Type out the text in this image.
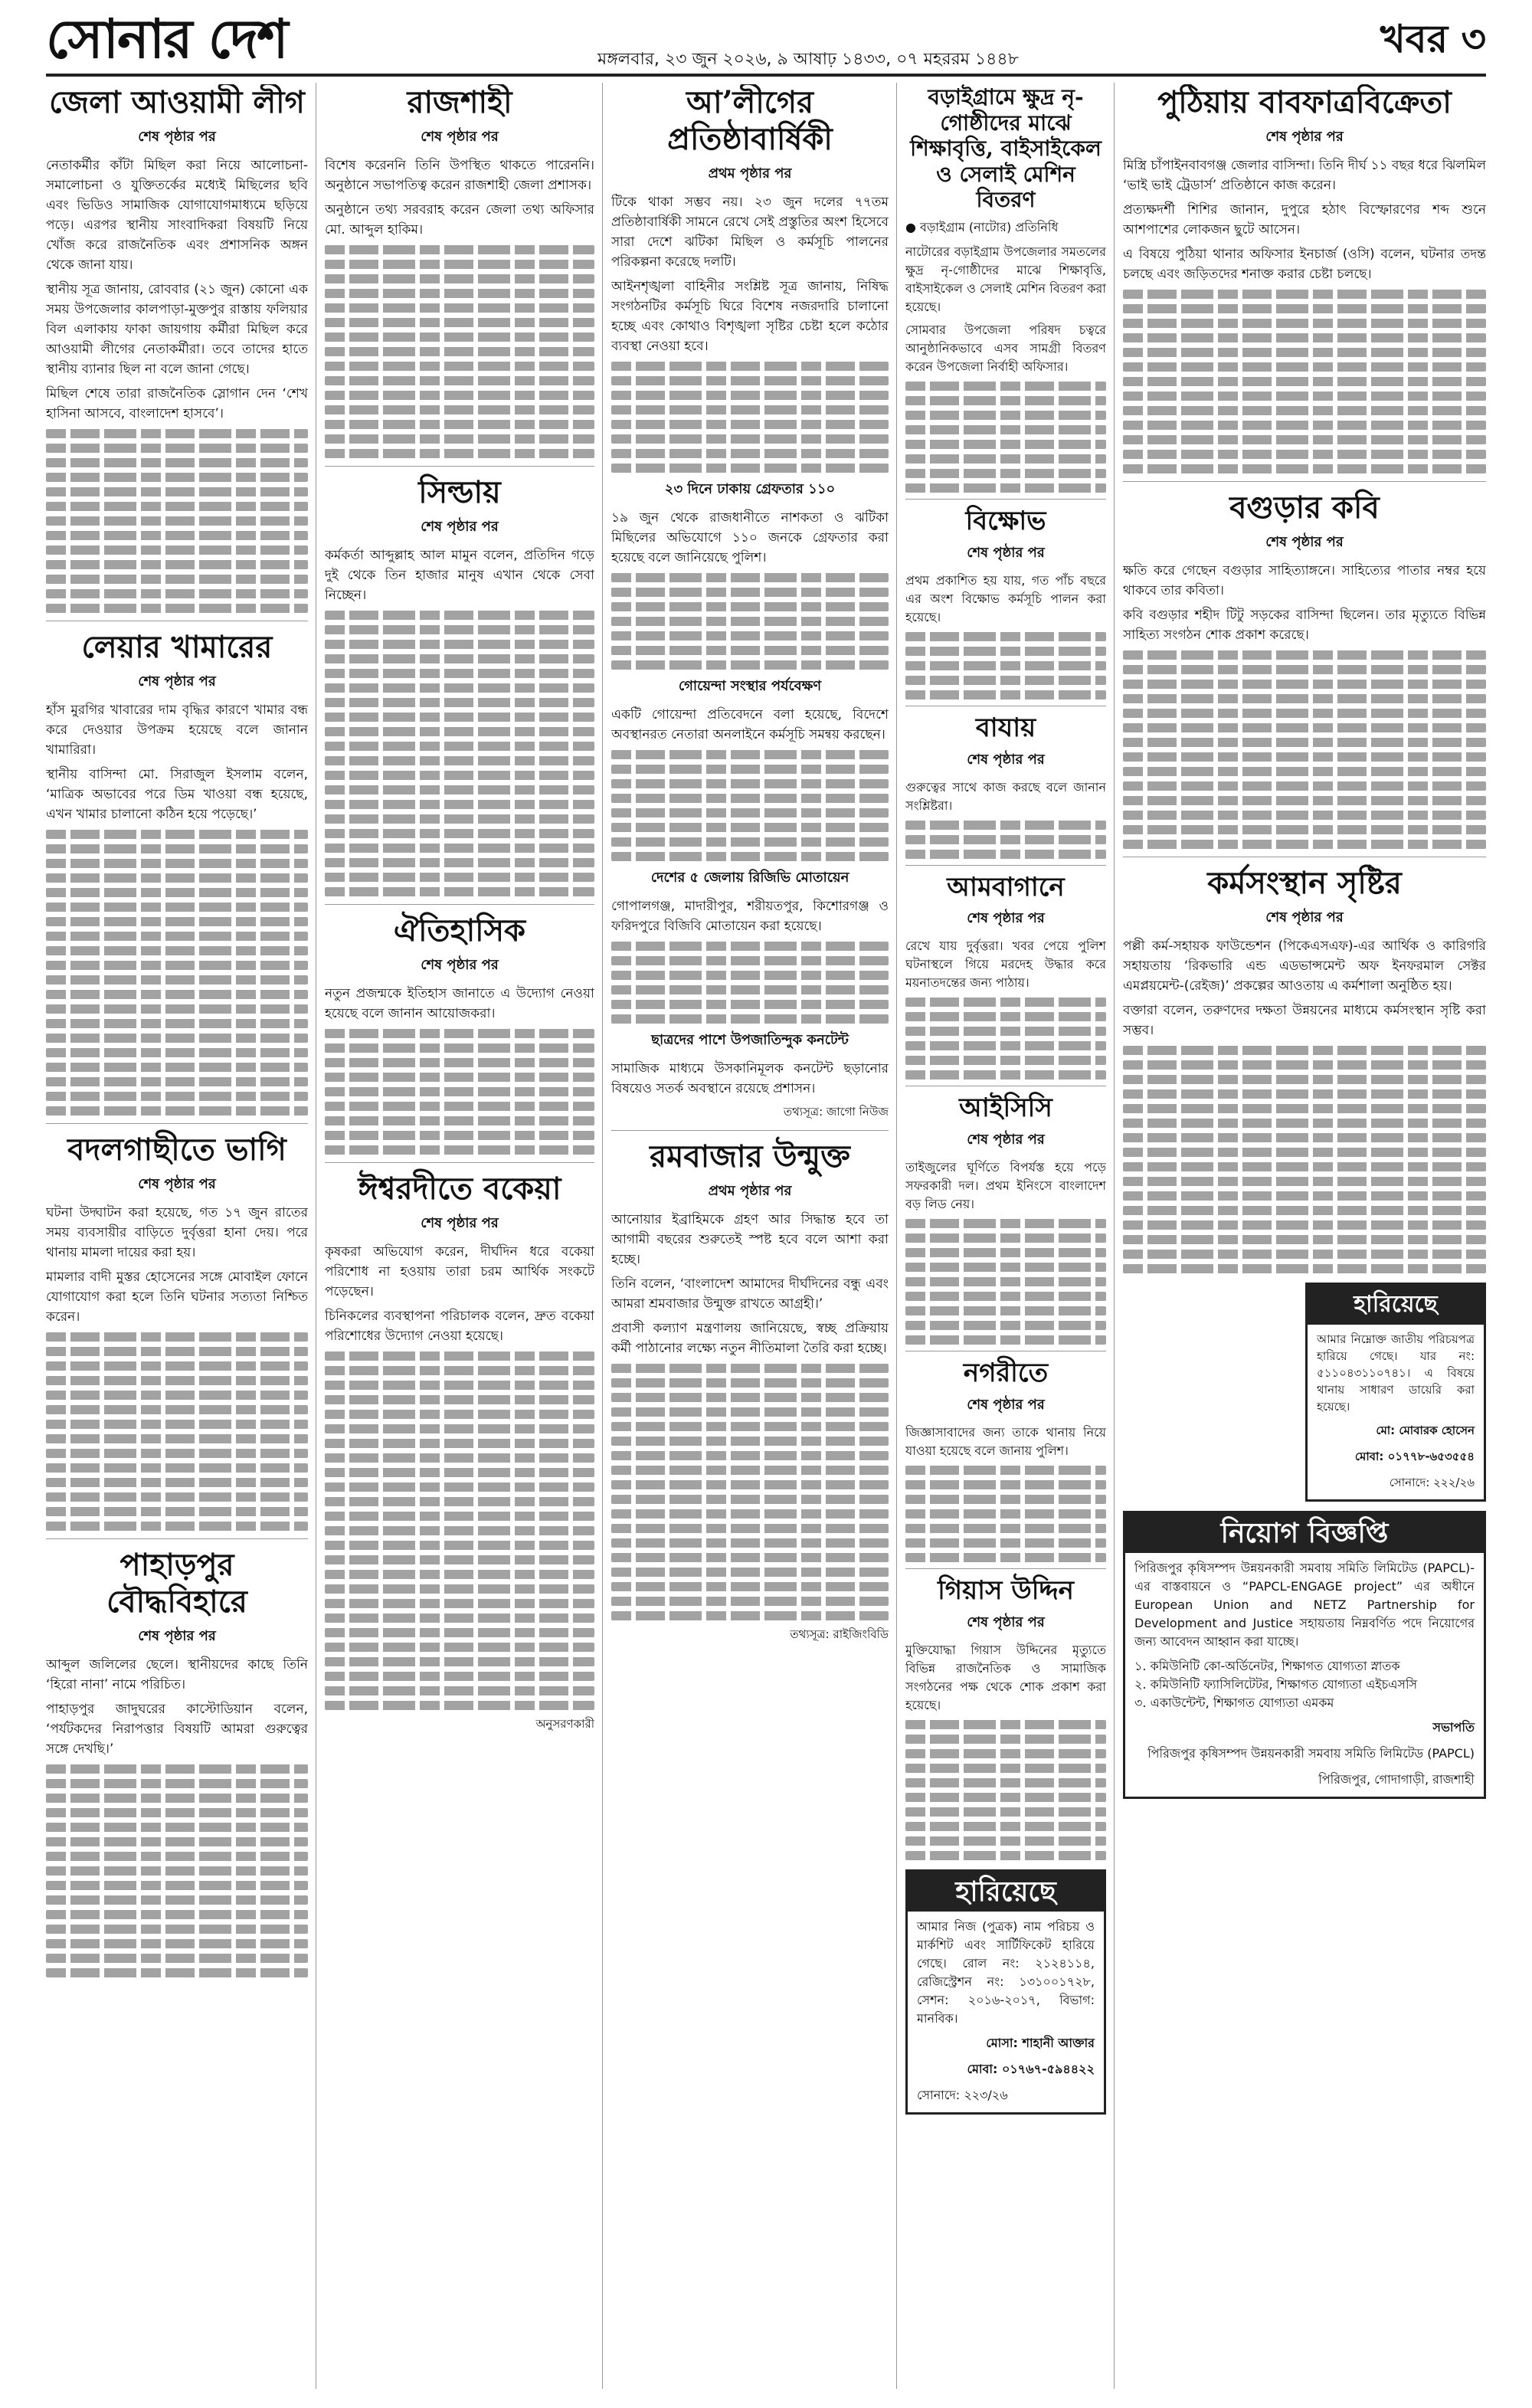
সোনার দেশ	মঙ্গলবার, ২৩ জুন ২০২৬, ৯ আষাঢ় ১৪৩৩, ০৭ মহররম ১৪৪৮	খবর ৩
জেলা আওয়ামী লীগ
শেষ পৃষ্ঠার পর

নেতাকর্মীর কাঁটা মিছিল করা নিয়ে আলোচনা-সমালোচনা ও যুক্তিতর্কের মধ্যেই মিছিলের ছবি এবং ভিডিও সামাজিক যোগাযোগমাধ্যমে ছড়িয়ে পড়ে। এরপর স্থানীয় সাংবাদিকরা বিষয়টি নিয়ে খোঁজ করে রাজনৈতিক এবং প্রশাসনিক অঙ্গন থেকে জানা যায়।

স্থানীয় সূত্র জানায়, রোববার (২১ জুন) কোনো এক সময় উপজেলার কালপাড়া-মুক্তপুর রাস্তায় ফলিয়ার বিল এলাকায় ফাকা জায়গায় কর্মীরা মিছিল করে আওয়ামী লীগের নেতাকর্মীরা। তবে তাদের হাতে স্থানীয় ব্যানার ছিল না বলে জানা গেছে।

মিছিল শেষে তারা রাজনৈতিক স্লোগান দেন ‘শেখ হাসিনা আসবে, বাংলাদেশ হাসবে’।

লেয়ার খামারের
শেষ পৃষ্ঠার পর

হাঁস মুরগির খাবারের দাম বৃদ্ধির কারণে খামার বন্ধ করে দেওয়ার উপক্রম হয়েছে বলে জানান খামারিরা।

স্থানীয় বাসিন্দা মো. সিরাজুল ইসলাম বলেন, ‘মাত্রিক অভাবের পরে ডিম খাওয়া বন্ধ হয়েছে, এখন খামার চালানো কঠিন হয়ে পড়েছে।’

বদলগাছীতে ভাগি
শেষ পৃষ্ঠার পর

ঘটনা উদ্ঘাটন করা হয়েছে, গত ১৭ জুন রাতের সময় ব্যবসায়ীর বাড়িতে দুর্বৃত্তরা হানা দেয়। পরে থানায় মামলা দায়ের করা হয়।

মামলার বাদী মুস্তর হোসেনের সঙ্গে মোবাইল ফোনে যোগাযোগ করা হলে তিনি ঘটনার সত্যতা নিশ্চিত করেন।

পাহাড়পুর বৌদ্ধবিহারে
শেষ পৃষ্ঠার পর

আব্দুল জলিলের ছেলে। স্থানীয়দের কাছে তিনি ‘হিরো নানা’ নামে পরিচিত।

পাহাড়পুর জাদুঘরের কাস্টোডিয়ান বলেন, ‘পর্যটকদের নিরাপত্তার বিষয়টি আমরা গুরুত্বের সঙ্গে দেখছি।’

রাজশাহী
শেষ পৃষ্ঠার পর

বিশেষ করেননি তিনি উপস্থিত থাকতে পারেননি। অনুষ্ঠানে সভাপতিত্ব করেন রাজশাহী জেলা প্রশাসক।

অনুষ্ঠানে তথ্য সরবরাহ করেন জেলা তথ্য অফিসার মো. আব্দুল হাকিম।

সিল্ডায়
শেষ পৃষ্ঠার পর

কর্মকর্তা আব্দুল্লাহ আল মামুন বলেন, প্রতিদিন গড়ে দুই থেকে তিন হাজার মানুষ এখান থেকে সেবা নিচ্ছেন।

ঐতিহাসিক
শেষ পৃষ্ঠার পর

নতুন প্রজন্মকে ইতিহাস জানাতে এ উদ্যোগ নেওয়া হয়েছে বলে জানান আয়োজকরা।

ঈশ্বরদীতে বকেয়া
শেষ পৃষ্ঠার পর

কৃষকরা অভিযোগ করেন, দীর্ঘদিন ধরে বকেয়া পরিশোধ না হওয়ায় তারা চরম আর্থিক সংকটে পড়েছেন।

চিনিকলের ব্যবস্থাপনা পরিচালক বলেন, দ্রুত বকেয়া পরিশোধের উদ্যোগ নেওয়া হয়েছে।

অনুসরণকারী
আ’লীগের প্রতিষ্ঠাবার্ষিকী
প্রথম পৃষ্ঠার পর

টিকে থাকা সম্ভব নয়। ২৩ জুন দলের ৭৭তম প্রতিষ্ঠাবার্ষিকী সামনে রেখে সেই প্রস্তুতির অংশ হিসেবে সারা দেশে ঝটিকা মিছিল ও কর্মসূচি পালনের পরিকল্পনা করেছে দলটি।

আইনশৃঙ্খলা বাহিনীর সংশ্লিষ্ট সূত্র জানায়, নিষিদ্ধ সংগঠনটির কর্মসূচি ঘিরে বিশেষ নজরদারি চালানো হচ্ছে এবং কোথাও বিশৃঙ্খলা সৃষ্টির চেষ্টা হলে কঠোর ব্যবস্থা নেওয়া হবে।

২৩ দিনে ঢাকায় গ্রেফতার ১১০

১৯ জুন থেকে রাজধানীতে নাশকতা ও ঝটিকা মিছিলের অভিযোগে ১১০ জনকে গ্রেফতার করা হয়েছে বলে জানিয়েছে পুলিশ।

গোয়েন্দা সংস্থার পর্যবেক্ষণ

একটি গোয়েন্দা প্রতিবেদনে বলা হয়েছে, বিদেশে অবস্থানরত নেতারা অনলাইনে কর্মসূচি সমন্বয় করছেন।

দেশের ৫ জেলায় রিজিভি মোতায়েন

গোপালগঞ্জ, মাদারীপুর, শরীয়তপুর, কিশোরগঞ্জ ও ফরিদপুরে বিজিবি মোতায়েন করা হয়েছে।

ছাত্রদের পাশে উপজাতিন্দুক কনটেন্ট

সামাজিক মাধ্যমে উসকানিমূলক কনটেন্ট ছড়ানোর বিষয়েও সতর্ক অবস্থানে রয়েছে প্রশাসন।

তথ্যসূত্র: জাগো নিউজ
রমবাজার উন্মুক্ত
প্রথম পৃষ্ঠার পর

আনোয়ার ইব্রাহিমকে গ্রহণ আর সিদ্ধান্ত হবে তা আগামী বছরের শুরুতেই স্পষ্ট হবে বলে আশা করা হচ্ছে।

তিনি বলেন, ‘বাংলাদেশ আমাদের দীর্ঘদিনের বন্ধু এবং আমরা শ্রমবাজার উন্মুক্ত রাখতে আগ্রহী।’

প্রবাসী কল্যাণ মন্ত্রণালয় জানিয়েছে, স্বচ্ছ প্রক্রিয়ায় কর্মী পাঠানোর লক্ষ্যে নতুন নীতিমালা তৈরি করা হচ্ছে।

তথ্যসূত্র: রাইজিংবিডি
বড়াইগ্রামে ক্ষুদ্র নৃ-গোষ্ঠীদের মাঝে শিক্ষাবৃত্তি, বাইসাইকেল ও সেলাই মেশিন বিতরণ
● বড়াইগ্রাম (নাটোর) প্রতিনিধি

নাটোরের বড়াইগ্রাম উপজেলার সমতলের ক্ষুদ্র নৃ-গোষ্ঠীদের মাঝে শিক্ষাবৃত্তি, বাইসাইকেল ও সেলাই মেশিন বিতরণ করা হয়েছে।

সোমবার উপজেলা পরিষদ চত্বরে আনুষ্ঠানিকভাবে এসব সামগ্রী বিতরণ করেন উপজেলা নির্বাহী অফিসার।

বিক্ষোভ
শেষ পৃষ্ঠার পর

প্রথম প্রকাশিত হয় যায়, গত পাঁচ বছরে এর অংশ বিক্ষোভ কর্মসূচি পালন করা হয়েছে।

বাযায়
শেষ পৃষ্ঠার পর

গুরুত্বের সাথে কাজ করছে বলে জানান সংশ্লিষ্টরা।

আমবাগানে
শেষ পৃষ্ঠার পর

রেখে যায় দুর্বৃত্তরা। খবর পেয়ে পুলিশ ঘটনাস্থলে গিয়ে মরদেহ উদ্ধার করে ময়নাতদন্তের জন্য পাঠায়।

আইসিসি
শেষ পৃষ্ঠার পর

তাইজুলের ঘূর্ণিতে বিপর্যস্ত হয়ে পড়ে সফরকারী দল। প্রথম ইনিংসে বাংলাদেশ বড় লিড নেয়।

নগরীতে
শেষ পৃষ্ঠার পর

জিজ্ঞাসাবাদের জন্য তাকে থানায় নিয়ে যাওয়া হয়েছে বলে জানায় পুলিশ।

গিয়াস উদ্দিন
শেষ পৃষ্ঠার পর

মুক্তিযোদ্ধা গিয়াস উদ্দিনের মৃত্যুতে বিভিন্ন রাজনৈতিক ও সামাজিক সংগঠনের পক্ষ থেকে শোক প্রকাশ করা হয়েছে।

হারিয়েছে
আমার নিজ (পুত্রক) নাম পরিচয় ও মার্কশিট এবং সার্টিফিকেট হারিয়ে গেছে। রোল নং: ২১২৪১১৪, রেজিস্ট্রেশন নং: ১৩১০০১৭২৮, সেশন: ২০১৬-২০১৭, বিভাগ: মানবিক।
মোসা: শাহানী আক্তার
মোবা: ০১৭৬৭-৫৯৪৪২২
সোনাদে: ২২৩/২৬
পুঠিয়ায় বাবফাত্রবিক্রেতা
শেষ পৃষ্ঠার পর

মিস্ত্রি চাঁপাইনবাবগঞ্জ জেলার বাসিন্দা। তিনি দীর্ঘ ১১ বছর ধরে ঝিলমিল ‘ভাই ভাই ট্রেডার্স’ প্রতিষ্ঠানে কাজ করেন।

প্রত্যক্ষদর্শী শিশির জানান, দুপুরে হঠাৎ বিস্ফোরণের শব্দ শুনে আশপাশের লোকজন ছুটে আসেন।

এ বিষয়ে পুঠিয়া থানার অফিসার ইনচার্জ (ওসি) বলেন, ঘটনার তদন্ত চলছে এবং জড়িতদের শনাক্ত করার চেষ্টা চলছে।

বগুড়ার কবি
শেষ পৃষ্ঠার পর

ক্ষতি করে গেছেন বগুড়ার সাহিত্যাঙ্গনে। সাহিত্যের পাতার নম্বর হয়ে থাকবে তার কবিতা।

কবি বগুড়ার শহীদ টিটু সড়কের বাসিন্দা ছিলেন। তার মৃত্যুতে বিভিন্ন সাহিত্য সংগঠন শোক প্রকাশ করেছে।

কর্মসংস্থান সৃষ্টির
শেষ পৃষ্ঠার পর

পল্লী কর্ম-সহায়ক ফাউন্ডেশন (পিকেএসএফ)-এর আর্থিক ও কারিগরি সহায়তায় ‘রিকভারি এন্ড এডভান্সমেন্ট অফ ইনফরমাল সেক্টর এমপ্লয়মেন্ট-(রেইজ)’ প্রকল্পের আওতায় এ কর্মশালা অনুষ্ঠিত হয়।

বক্তারা বলেন, তরুণদের দক্ষতা উন্নয়নের মাধ্যমে কর্মসংস্থান সৃষ্টি করা সম্ভব।

হারিয়েছে
আমার নিম্নোক্ত জাতীয় পরিচয়পত্র হারিয়ে গেছে। যার নং: ৫১১০৪৩১১০৭৪১। এ বিষয়ে থানায় সাধারণ ডায়েরি করা হয়েছে।
মো: মোবারক হোসেন
মোবা: ০১৭৭৮-৬৫৩৫৫৪
সোনাদে: ২২২/২৬
নিয়োগ বিজ্ঞপ্তি
পিরিজপুর কৃষিসম্পদ উন্নয়নকারী সমবায় সমিতি লিমিটেড (PAPCL)-এর বাস্তবায়নে ও “PAPCL-ENGAGE project” এর অধীনে European Union and NETZ Partnership for Development and Justice সহায়তায় নিম্নবর্ণিত পদে নিয়োগের জন্য আবেদন আহ্বান করা যাচ্ছে।
১. কমিউনিটি কো-অর্ডিনেটর, শিক্ষাগত যোগ্যতা স্নাতক
২. কমিউনিটি ফ্যাসিলিটেটর, শিক্ষাগত যোগ্যতা এইচএসসি
৩. একাউন্টেন্ট, শিক্ষাগত যোগ্যতা এমকম
সভাপতি
পিরিজপুর কৃষিসম্পদ উন্নয়নকারী সমবায় সমিতি লিমিটেড (PAPCL)
পিরিজপুর, গোদাগাড়ী, রাজশাহী
